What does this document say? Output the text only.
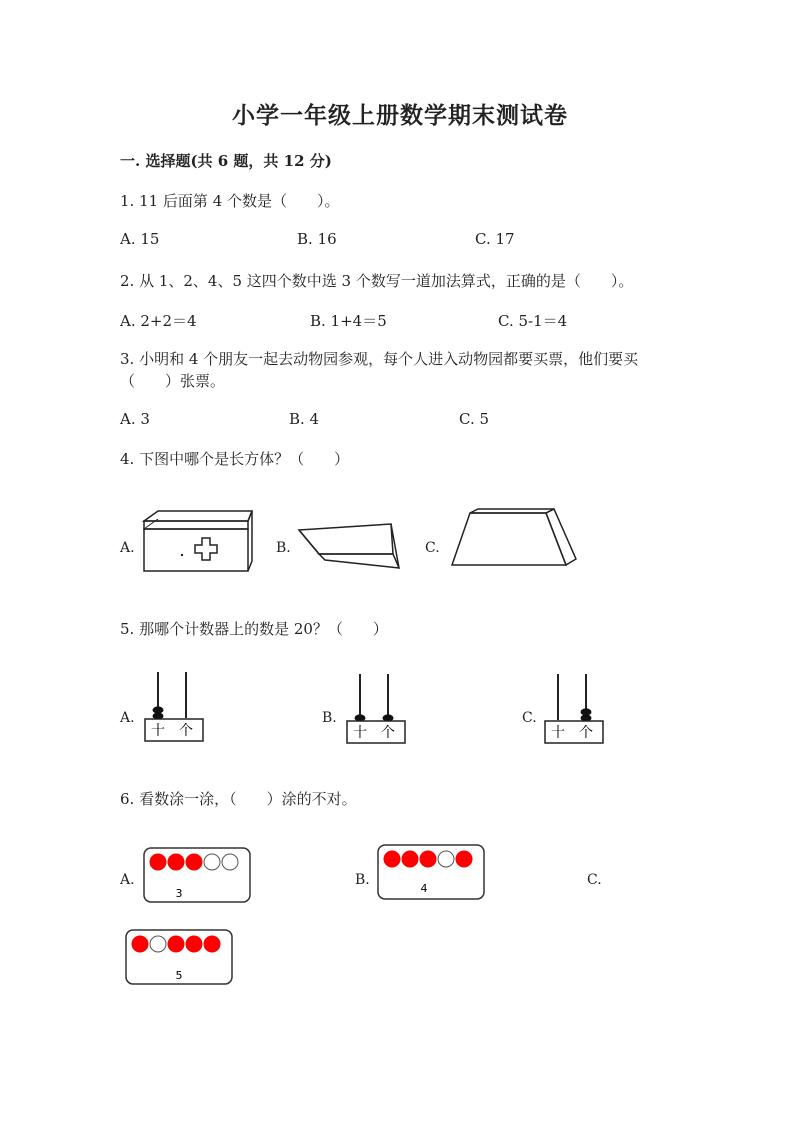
小学一年级上册数学期末测试卷
一. 选择题(共 6 题，共 12 分)
1. 11 后面第 4 个数是（　　）。
A. 15	B. 16	C. 17
2. 从 1、2、4、5 这四个数中选 3 个数写一道加法算式，正确的是（　　）。
A. 2+2＝4	B. 1+4＝5	C. 5-1＝4
3. 小明和 4 个朋友一起去动物园参观，每个人进入动物园都要买票，他们要买
（　　）张票。
A. 3	B. 4	C. 5
4. 下图中哪个是长方体？（　　）
A.	B.	C.
5. 那哪个计数器上的数是 20？（　　）
A.	B.	C.
十 个	十 个	十 个
6. 看数涂一涂，（　　）涂的不对。
A.	B.	C.
3	4
5
